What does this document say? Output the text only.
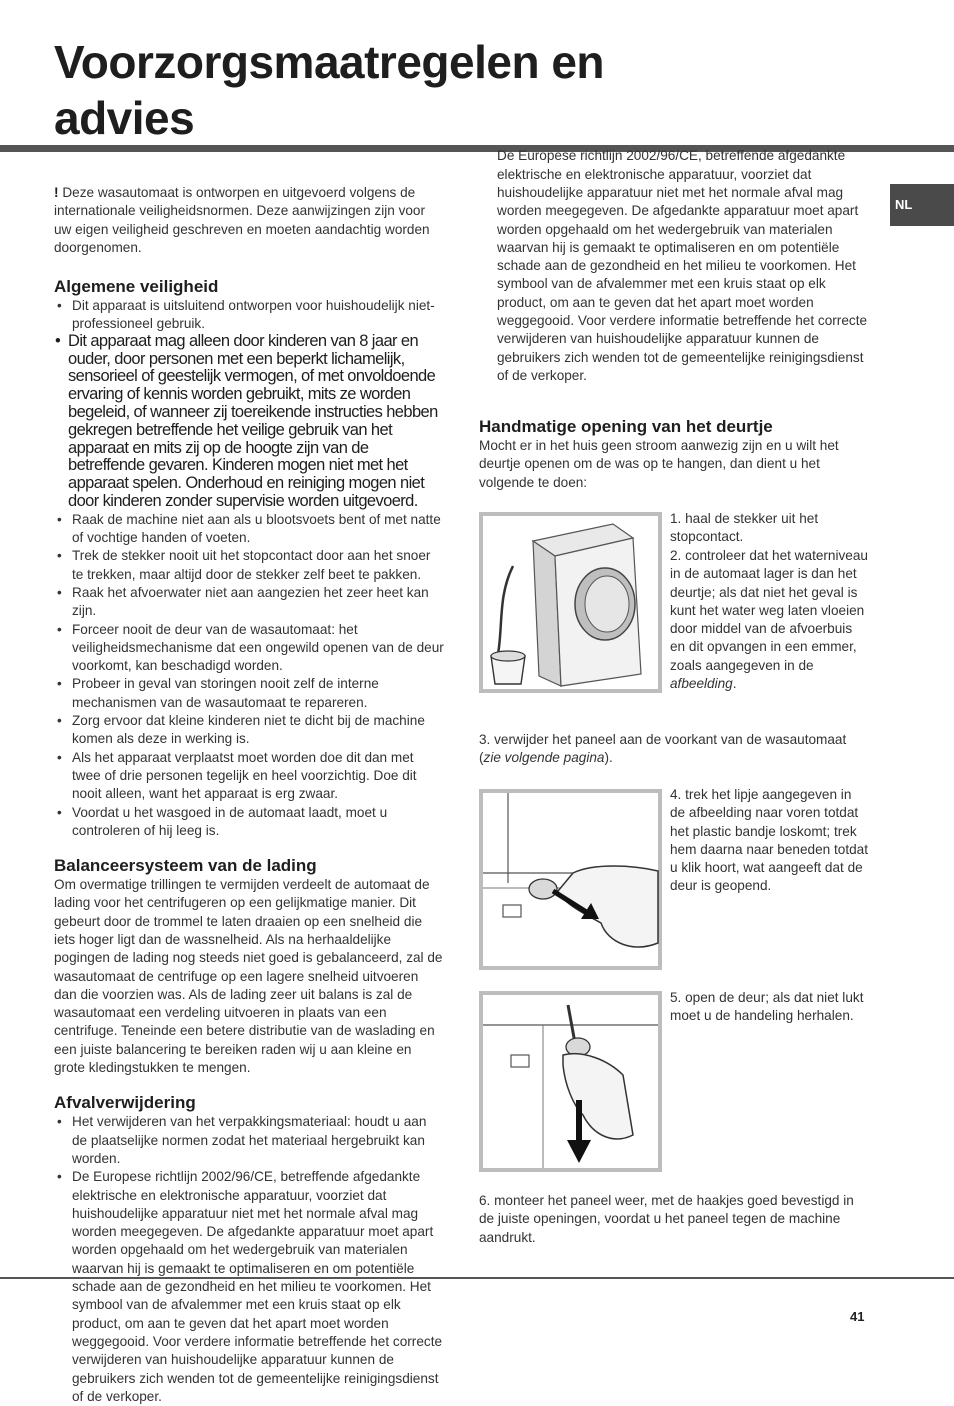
Voorzorgsmaatregelen en
advies
NL

! Deze wasautomaat is ontworpen en uitgevoerd volgens de internationale veiligheidsnormen. Deze aanwijzingen zijn voor uw eigen veiligheid geschreven en moeten aandachtig worden doorgenomen.

Algemene veiligheid
• Dit apparaat is uitsluitend ontworpen voor huishoudelijk niet-professioneel gebruik.
• Dit apparaat mag alleen door kinderen van 8 jaar en ouder, door personen met een beperkt lichamelijk, sensorieel of geestelijk vermogen, of met onvoldoende ervaring of kennis worden gebruikt, mits ze worden begeleid, of wanneer zij toereikende instructies hebben gekregen betreffende het veilige gebruik van het apparaat en mits zij op de hoogte zijn van de betreffende gevaren. Kinderen mogen niet met het apparaat spelen. Onderhoud en reiniging mogen niet door kinderen zonder supervisie worden uitgevoerd.
• Raak de machine niet aan als u blootsvoets bent of met natte of vochtige handen of voeten.
• Trek de stekker nooit uit het stopcontact door aan het snoer te trekken, maar altijd door de stekker zelf beet te pakken.
• Raak het afvoerwater niet aan aangezien het zeer heet kan zijn.
• Forceer nooit de deur van de wasautomaat: het veiligheidsmechanisme dat een ongewild openen van de deur voorkomt, kan beschadigd worden.
• Probeer in geval van storingen nooit zelf de interne mechanismen van de wasautomaat te repareren.
• Zorg ervoor dat kleine kinderen niet te dicht bij de machine komen als deze in werking is.
• Als het apparaat verplaatst moet worden doe dit dan met twee of drie personen tegelijk en heel voorzichtig. Doe dit nooit alleen, want het apparaat is erg zwaar.
• Voordat u het wasgoed in de automaat laadt, moet u controleren of hij leeg is.
Balanceersysteem van de lading

Om overmatige trillingen te vermijden verdeelt de automaat de lading voor het centrifugeren op een gelijkmatige manier. Dit gebeurt door de trommel te laten draaien op een snelheid die iets hoger ligt dan de wassnelheid. Als na herhaaldelijke pogingen de lading nog steeds niet goed is gebalanceerd, zal de wasautomaat de centrifuge op een lagere snelheid uitvoeren dan die voorzien was. Als de lading zeer uit balans is zal de wasautomaat een verdeling uitvoeren in plaats van een centrifuge. Teneinde een betere distributie van de waslading en een juiste balancering te bereiken raden wij u aan kleine en grote kledingstukken te mengen.

Afvalverwijdering
• Het verwijderen van het verpakkingsmateriaal: houdt u aan de plaatselijke normen zodat het materiaal hergebruikt kan worden.
• De Europese richtlijn 2002/96/CE, betreffende afgedankte elektrische en elektronische apparatuur, voorziet dat huishoudelijke apparatuur niet met het normale afval mag worden meegegeven. De afgedankte apparatuur moet apart worden opgehaald om het wedergebruik van materialen waarvan hij is gemaakt te optimaliseren en om potentiële schade aan de gezondheid en het milieu te voorkomen. Het symbool van de afvalemmer met een kruis staat op elk product, om aan te geven dat het apart moet worden weggegooid. Voor verdere informatie betreffende het correcte verwijderen van huishoudelijke apparatuur kunnen de gebruikers zich wenden tot de gemeentelijke reinigingsdienst of de verkoper.
De Europese richtlijn 2002/96/CE, betreffende afgedankte elektrische en elektronische apparatuur, voorziet dat huishoudelijke apparatuur niet met het normale afval mag worden meegegeven. De afgedankte apparatuur moet apart worden opgehaald om het wedergebruik van materialen waarvan hij is gemaakt te optimaliseren en om potentiële schade aan de gezondheid en het milieu te voorkomen. Het symbool van de afvalemmer met een kruis staat op elk product, om aan te geven dat het apart moet worden weggegooid. Voor verdere informatie betreffende het correcte verwijderen van huishoudelijke apparatuur kunnen de gebruikers zich wenden tot de gemeentelijke reinigingsdienst of de verkoper.
Handmatige opening van het deurtje

Mocht er in het huis geen stroom aanwezig zijn en u wilt het deurtje openen om de was op te hangen, dan dient u het volgende te doen:

1. haal de stekker uit het stopcontact.
2. controleer dat het waterniveau in de automaat lager is dan het deurtje; als dat niet het geval is kunt het water weg laten vloeien door middel van de afvoerbuis en dit opvangen in een emmer, zoals aangegeven in de afbeelding.
3. verwijder het paneel aan de voorkant van de wasautomaat (zie volgende pagina).
4. trek het lipje aangegeven in de afbeelding naar voren totdat het plastic bandje loskomt; trek hem daarna naar beneden totdat u klik hoort, wat aangeeft dat de deur is geopend.
5. open de deur; als dat niet lukt moet u de handeling herhalen.
6. monteer het paneel weer, met de haakjes goed bevestigd in de juiste openingen, voordat u het paneel tegen de machine aandrukt.
41
